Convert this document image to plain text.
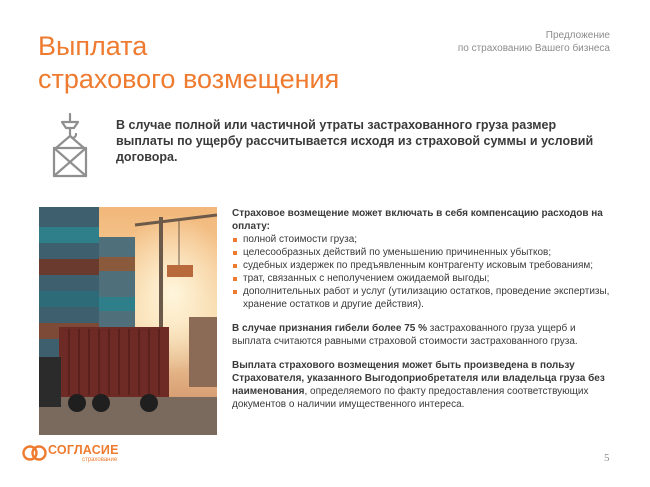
Выплата
страхового возмещения
Предложение
по страхованию Вашего бизнеса
В случае полной или частичной утраты застрахованного груза размер выплаты по ущербу рассчитывается исходя из страховой суммы и условий договора.

Страховое возмещение может включать в себя компенсацию расходов на оплату:

полной стоимости груза;
целесообразных действий по уменьшению причиненных убытков;
судебных издержек по предъявленным контрагенту исковым требованиям;
трат, связанных с неполучением ожидаемой выгоды;
дополнительных работ и услуг (утилизацию остатков, проведение экспертизы, хранение остатков и другие действия).

В случае признания гибели более 75 % застрахованного груза ущерб и выплата считаются равными страховой стоимости застрахованного груза.

Выплата страхового возмещения может быть произведена в пользу Страхователя, указанного Выгодоприобретателя или владельца груза без наименования, определяемого по факту предоставления соответствующих документов о наличии имущественного интереса.

СОГЛАСИЕ
страхование	5
